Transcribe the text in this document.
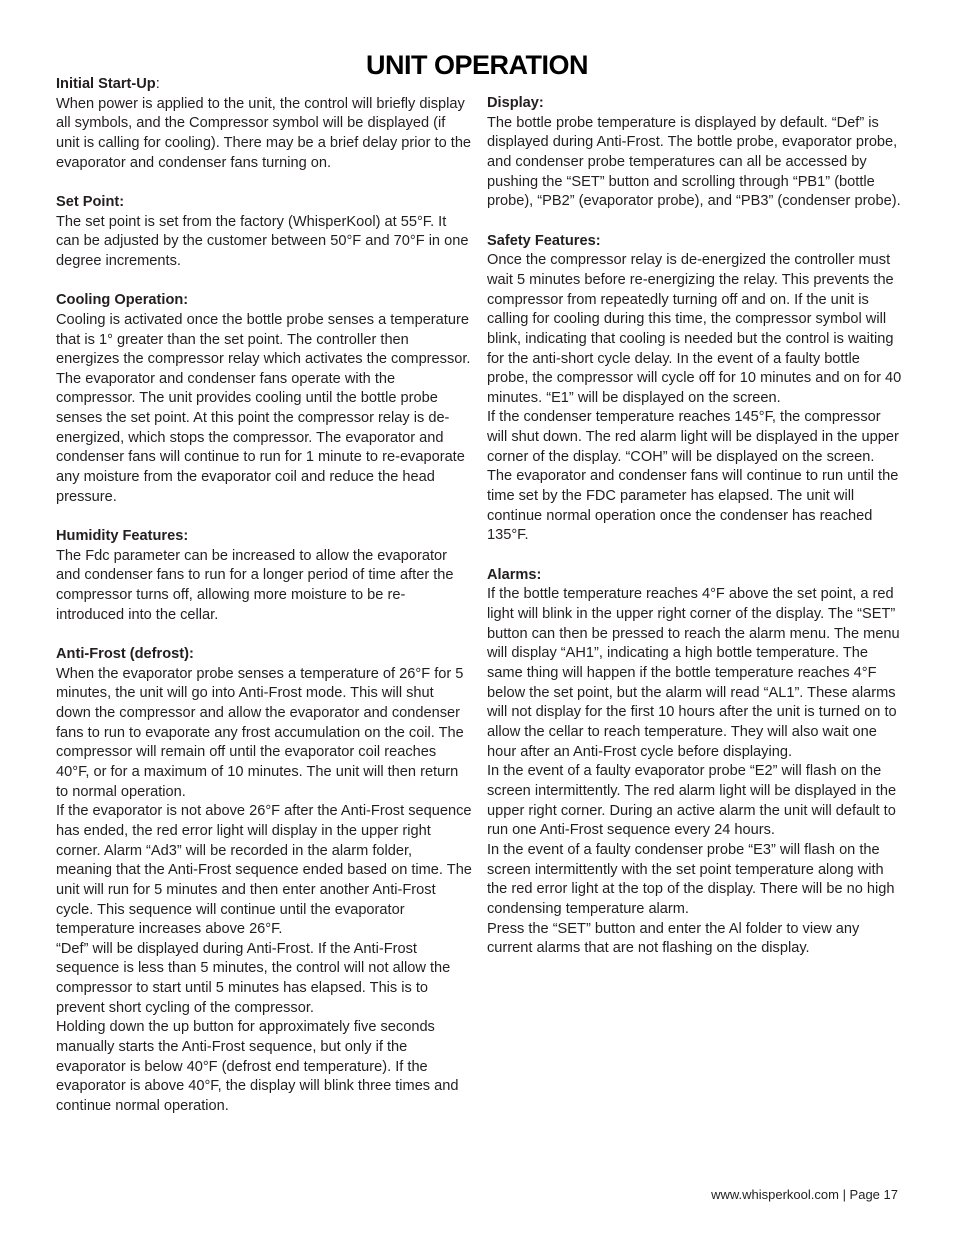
UNIT OPERATION

Initial Start-Up:

When power is applied to the unit, the control will briefly display all symbols, and the Compressor symbol will be displayed (if unit is calling for cooling). There may be a brief delay prior to the evaporator and condenser fans turning on.

Set Point:

The set point is set from the factory (WhisperKool) at 55°F. It can be adjusted by the customer between 50°F and 70°F in one degree increments.

Cooling Operation:

Cooling is activated once the bottle probe senses a temperature that is 1° greater than the set point. The controller then energizes the compressor relay which activates the compressor. The evaporator and condenser fans operate with the compressor. The unit provides cooling until the bottle probe senses the set point. At this point the compressor relay is de-energized, which stops the compressor. The evaporator and condenser fans will continue to run for 1 minute to re-evaporate any moisture from the evaporator coil and reduce the head pressure.

Humidity Features:

The Fdc parameter can be increased to allow the evaporator and condenser fans to run for a longer period of time after the compressor turns off, allowing more moisture to be re-introduced into the cellar.

Anti-Frost (defrost):

When the evaporator probe senses a temperature of 26°F for 5 minutes, the unit will go into Anti-Frost mode. This will shut down the compressor and allow the evaporator and condenser fans to run to evaporate any frost accumulation on the coil. The compressor will remain off until the evaporator coil reaches 40°F, or for a maximum of 10 minutes. The unit will then return to normal operation.

If the evaporator is not above 26°F after the Anti-Frost sequence has ended, the red error light will display in the upper right corner. Alarm “Ad3” will be recorded in the alarm folder, meaning that the Anti-Frost sequence ended based on time. The unit will run for 5 minutes and then enter another Anti-Frost cycle. This sequence will continue until the evaporator temperature increases above 26°F.

“Def” will be displayed during Anti-Frost. If the Anti-Frost sequence is less than 5 minutes, the control will not allow the compressor to start until 5 minutes has elapsed. This is to prevent short cycling of the compressor.

Holding down the up button for approximately five seconds manually starts the Anti-Frost sequence, but only if the evaporator is below 40°F (defrost end temperature). If the evaporator is above 40°F, the display will blink three times and continue normal operation.

Display:

The bottle probe temperature is displayed by default. “Def” is displayed during Anti-Frost. The bottle probe, evaporator probe, and condenser probe temperatures can all be accessed by pushing the “SET” button and scrolling through “PB1” (bottle probe), “PB2” (evaporator probe), and “PB3” (condenser probe).

Safety Features:

Once the compressor relay is de-energized the controller must wait 5 minutes before re-energizing the relay. This prevents the compressor from repeatedly turning off and on. If the unit is calling for cooling during this time, the compressor symbol will blink, indicating that cooling is needed but the control is waiting for the anti-short cycle delay. In the event of a faulty bottle probe, the compressor will cycle off for 10 minutes and on for 40 minutes. “E1” will be displayed on the screen.

If the condenser temperature reaches 145°F, the compressor will shut down. The red alarm light will be displayed in the upper corner of the display. “COH” will be displayed on the screen. The evaporator and condenser fans will continue to run until the time set by the FDC parameter has elapsed. The unit will continue normal operation once the condenser has reached 135°F.

Alarms:

If the bottle temperature reaches 4°F above the set point, a red light will blink in the upper right corner of the display. The “SET” button can then be pressed to reach the alarm menu. The menu will display “AH1”, indicating a high bottle temperature. The same thing will happen if the bottle temperature reaches 4°F below the set point, but the alarm will read “AL1”. These alarms will not display for the first 10 hours after the unit is turned on to allow the cellar to reach temperature. They will also wait one hour after an Anti-Frost cycle before displaying.

In the event of a faulty evaporator probe “E2” will flash on the screen intermittently. The red alarm light will be displayed in the upper right corner. During an active alarm the unit will default to run one Anti-Frost sequence every 24 hours.

In the event of a faulty condenser probe “E3” will flash on the screen intermittently with the set point temperature along with the red error light at the top of the display. There will be no high condensing temperature alarm.

Press the “SET” button and enter the Al folder to view any current alarms that are not flashing on the display.

www.whisperkool.com | Page 17
